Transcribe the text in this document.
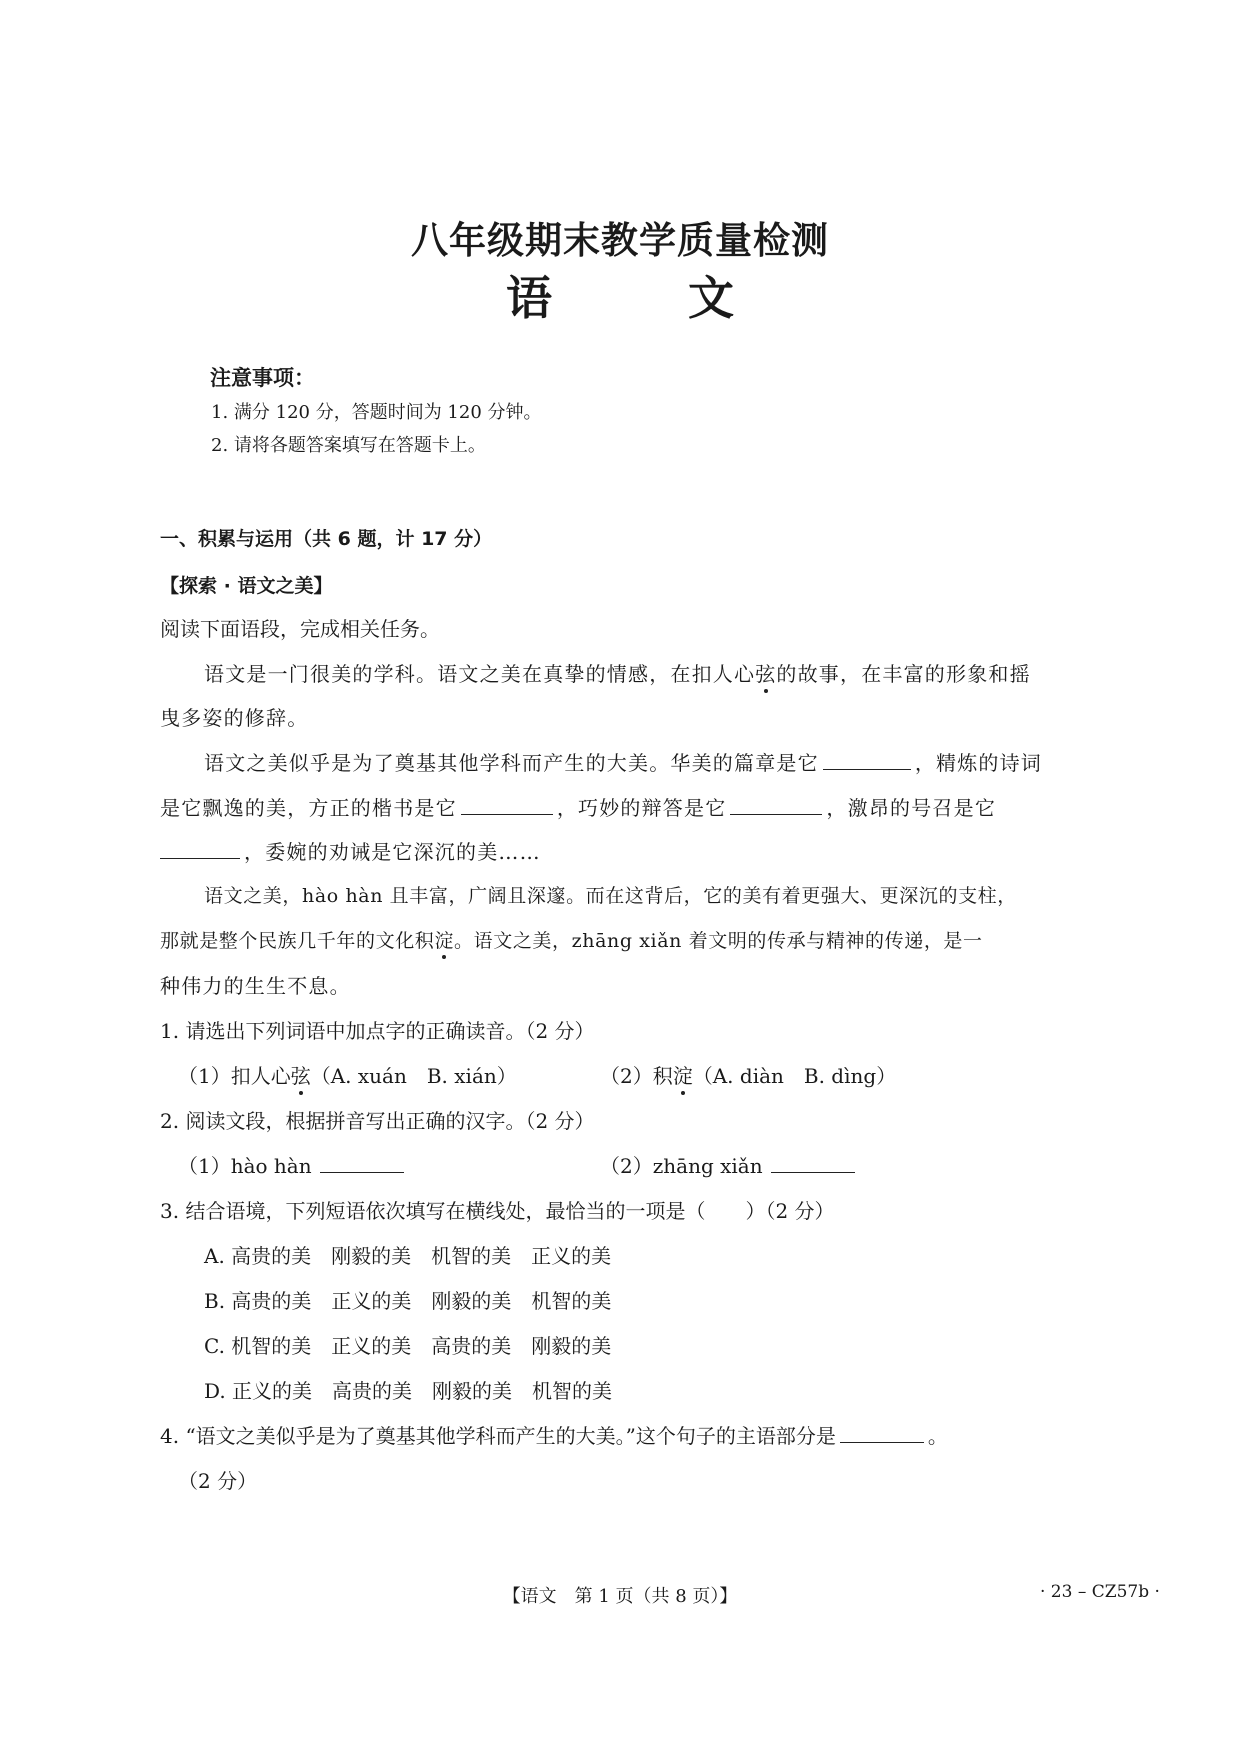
八年级期末教学质量检测
语	文
注意事项：
1. 满分 120 分，答题时间为 120 分钟。
2. 请将各题答案填写在答题卡上。
一、积累与运用（共 6 题，计 17 分）
【探索 · 语文之美】
阅读下面语段，完成相关任务。
语文是一门很美的学科。语文之美在真挚的情感，在扣人心弦的故事，在丰富的形象和摇
曳多姿的修辞。
语文之美似乎是为了奠基其他学科而产生的大美。华美的篇章是它	，精炼的诗词
是它飘逸的美，方正的楷书是它	，巧妙的辩答是它	，激昂的号召是它
，委婉的劝诫是它深沉的美……
语文之美，hào hàn 且丰富，广阔且深邃。而在这背后，它的美有着更强大、更深沉的支柱，
那就是整个民族几千年的文化积淀。语文之美，zhāng xiǎn 着文明的传承与精神的传递，是一
种伟力的生生不息。
1. 请选出下列词语中加点字的正确读音。（2 分）
（1）扣人心弦（A. xuán　B. xián）	（2）积淀（A. diàn　B. dìng）
2. 阅读文段，根据拼音写出正确的汉字。（2 分）
（1）hào hàn	（2）zhāng xiǎn
3. 结合语境，下列短语依次填写在横线处，最恰当的一项是（　　）（2 分）
A. 高贵的美　刚毅的美　机智的美　正义的美
B. 高贵的美　正义的美　刚毅的美　机智的美
C. 机智的美　正义的美　高贵的美　刚毅的美
D. 正义的美　高贵的美　刚毅的美　机智的美
4. “语文之美似乎是为了奠基其他学科而产生的大美。”这个句子的主语部分是	。
（2 分）
【语文　第 1 页（共 8 页）】	· 23 – CZ57b ·
